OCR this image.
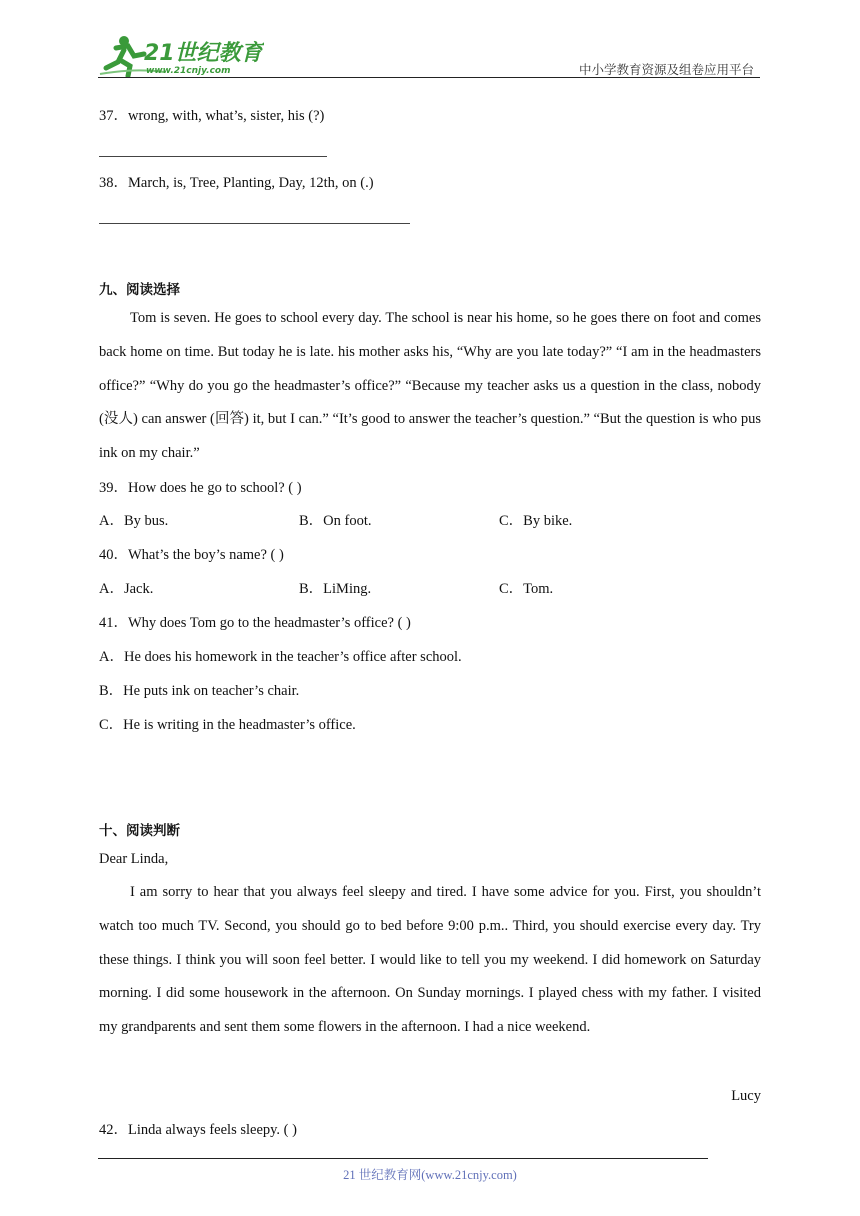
21世纪教育
www.21cnjy.com	中小学教育资源及组卷应用平台
37．wrong, with, what’s, sister, his (?)
38．March, is, Tree, Planting, Day, 12th, on (.)
九、阅读选择
Tom is seven. He goes to school every day. The school is near his home, so he goes there on foot and comes back home on time. But today he is late. his mother asks his, “Why are you late today?” “I am in the headmasters office?” “Why do you go the headmaster’s office?” “Because my teacher asks us a question in the class, nobody (没人) can answer (回答) it, but I can.” “It’s good to answer the teacher’s question.” “But the question is who pus ink on my chair.”
39．How does he go to school? ( )
A．By bus.	B．On foot.	C．By bike.
40．What’s the boy’s name? ( )
A．Jack.	B．LiMing.	C．Tom.
41．Why does Tom go to the headmaster’s office? ( )
A．He does his homework in the teacher’s office after school.
B．He puts ink on teacher’s chair.
C．He is writing in the headmaster’s office.
十、阅读判断
Dear Linda,
I am sorry to hear that you always feel sleepy and tired. I have some advice for you. First, you shouldn’t watch too much TV. Second, you should go to bed before 9:00 p.m.. Third, you should exercise every day. Try these things. I think you will soon feel better. I would like to tell you my weekend. I did homework on Saturday morning. I did some housework in the afternoon. On Sunday mornings. I played chess with my father. I visited my grandparents and sent them some flowers in the afternoon. I had a nice weekend.
Lucy
42．Linda always feels sleepy. ( )
21 世纪教育网(www.21cnjy.com)
